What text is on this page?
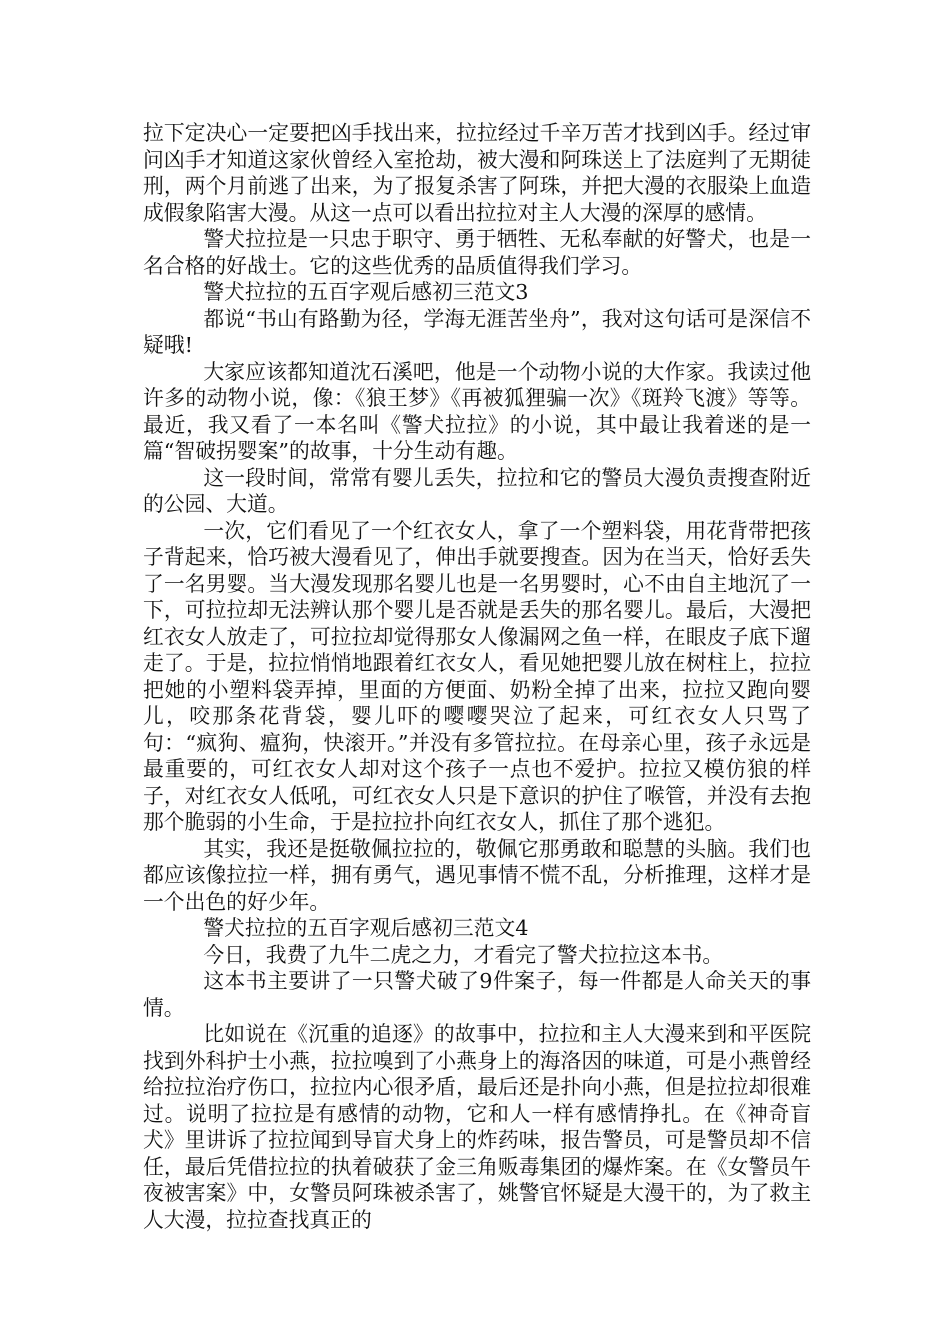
拉下定决心一定要把凶手找出来，拉拉经过千辛万苦才找到凶手。经过审问凶手才知道这家伙曾经入室抢劫，被大漫和阿珠送上了法庭判了无期徒刑，两个月前逃了出来，为了报复杀害了阿珠，并把大漫的衣服染上血造成假象陷害大漫。从这一点可以看出拉拉对主人大漫的深厚的感情。

警犬拉拉是一只忠于职守、勇于牺牲、无私奉献的好警犬，也是一名合格的好战士。它的这些优秀的品质值得我们学习。

警犬拉拉的五百字观后感初三范文3

都说“书山有路勤为径，学海无涯苦坐舟”，我对这句话可是深信不疑哦!

大家应该都知道沈石溪吧，他是一个动物小说的大作家。我读过他许多的动物小说，像：《狼王梦》《再被狐狸骗一次》《斑羚飞渡》等等。最近，我又看了一本名叫《警犬拉拉》的小说，其中最让我着迷的是一篇“智破拐婴案”的故事，十分生动有趣。

这一段时间，常常有婴儿丢失，拉拉和它的警员大漫负责搜查附近的公园、大道。

一次，它们看见了一个红衣女人，拿了一个塑料袋，用花背带把孩子背起来，恰巧被大漫看见了，伸出手就要搜查。因为在当天，恰好丢失了一名男婴。当大漫发现那名婴儿也是一名男婴时，心不由自主地沉了一下，可拉拉却无法辨认那个婴儿是否就是丢失的那名婴儿。最后，大漫把红衣女人放走了，可拉拉却觉得那女人像漏网之鱼一样，在眼皮子底下遛走了。于是，拉拉悄悄地跟着红衣女人，看见她把婴儿放在树柱上，拉拉把她的小塑料袋弄掉，里面的方便面、奶粉全掉了出来，拉拉又跑向婴儿，咬那条花背袋，婴儿吓的嘤嘤哭泣了起来，可红衣女人只骂了句：“疯狗、瘟狗，快滚开。”并没有多管拉拉。在母亲心里，孩子永远是最重要的，可红衣女人却对这个孩子一点也不爱护。拉拉又模仿狼的样子，对红衣女人低吼，可红衣女人只是下意识的护住了喉管，并没有去抱那个脆弱的小生命，于是拉拉扑向红衣女人，抓住了那个逃犯。

其实，我还是挺敬佩拉拉的，敬佩它那勇敢和聪慧的头脑。我们也都应该像拉拉一样，拥有勇气，遇见事情不慌不乱，分析推理，这样才是一个出色的好少年。

警犬拉拉的五百字观后感初三范文4

今日，我费了九牛二虎之力，才看完了警犬拉拉这本书。

这本书主要讲了一只警犬破了9件案子，每一件都是人命关天的事情。

比如说在《沉重的追逐》的故事中，拉拉和主人大漫来到和平医院找到外科护士小燕，拉拉嗅到了小燕身上的海洛因的味道，可是小燕曾经给拉拉治疗伤口，拉拉内心很矛盾，最后还是扑向小燕，但是拉拉却很难过。说明了拉拉是有感情的动物，它和人一样有感情挣扎。在《神奇盲犬》里讲诉了拉拉闻到导盲犬身上的炸药味，报告警员，可是警员却不信任，最后凭借拉拉的执着破获了金三角贩毒集团的爆炸案。在《女警员午夜被害案》中，女警员阿珠被杀害了，姚警官怀疑是大漫干的，为了救主人大漫，拉拉查找真正的
